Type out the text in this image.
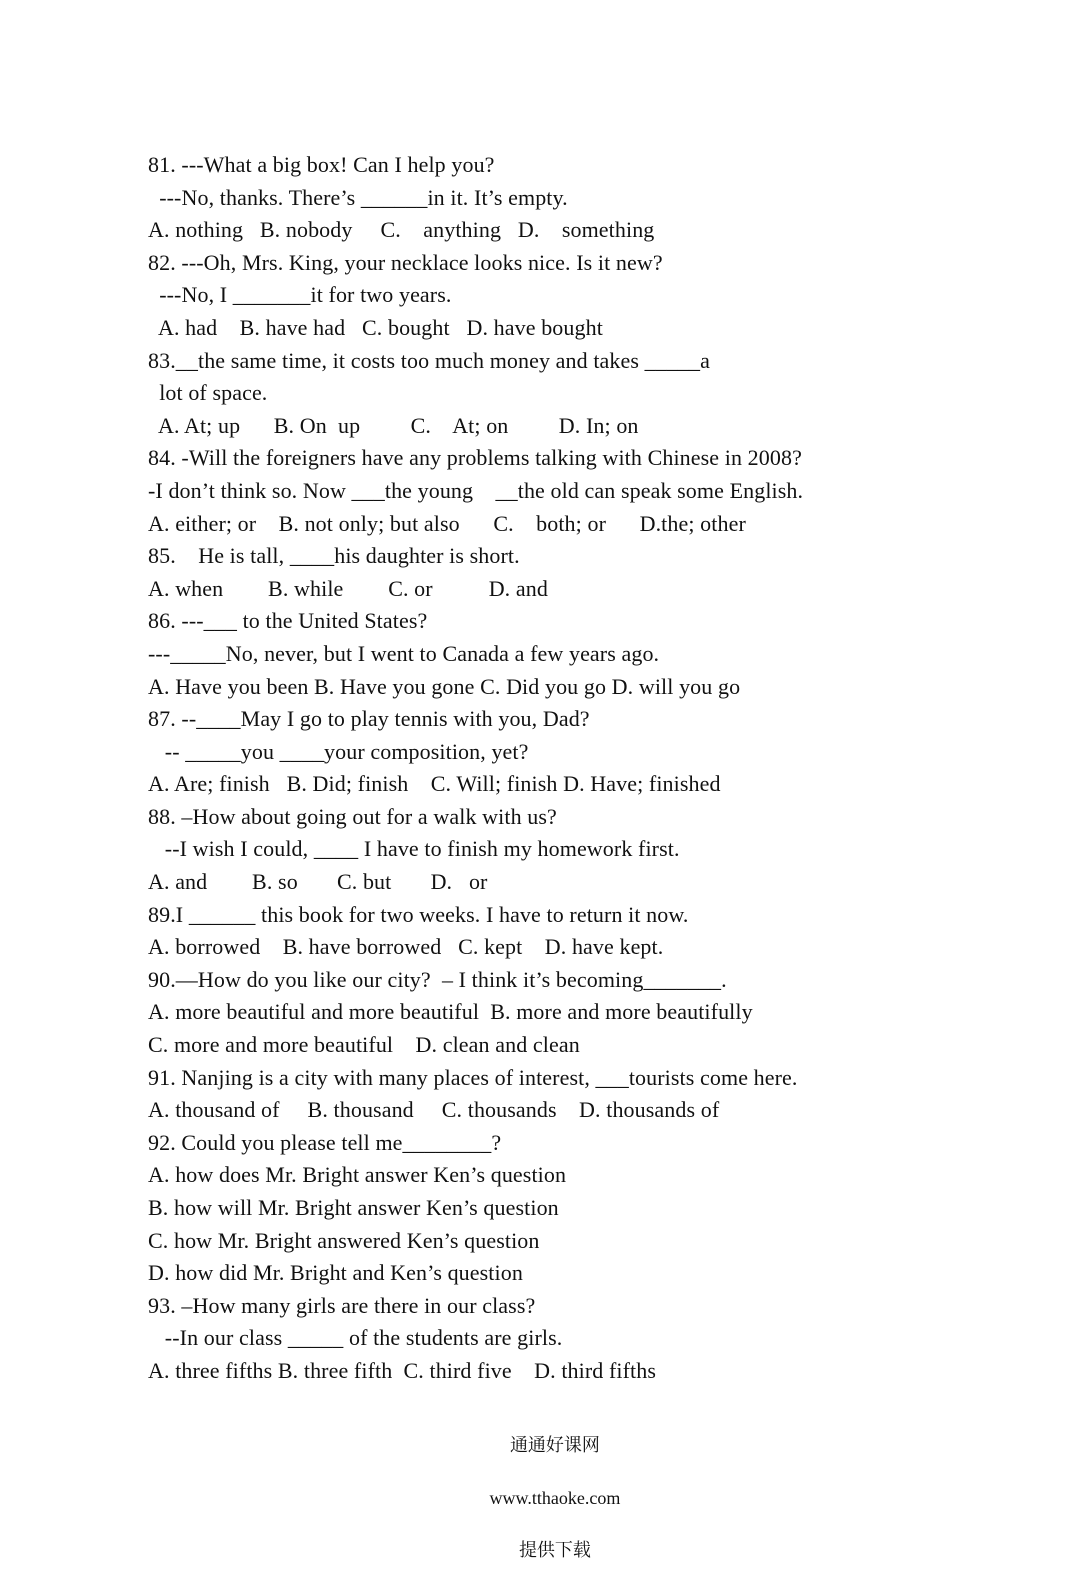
81. ---What a big box! Can I help you?
---No, thanks. There’s ______in it. It’s empty.
A. nothing   B. nobody     C.    anything   D.    something
82. ---Oh, Mrs. King, your necklace looks nice. Is it new?
---No, I _______it for two years.
A. had    B. have had   C. bought   D. have bought
83.__the same time, it costs too much money and takes _____a
lot of space.
A. At; up      B. On  up         C.    At; on         D. In; on
84. -Will the foreigners have any problems talking with Chinese in 2008?
-I don’t think so. Now ___the young    __the old can speak some English.
A. either; or    B. not only; but also      C.    both; or      D.the; other
85.    He is tall, ____his daughter is short.
A. when        B. while        C. or          D. and
86. ---___ to the United States?
---_____No, never, but I went to Canada a few years ago.
A. Have you been B. Have you gone C. Did you go D. will you go
87. --____May I go to play tennis with you, Dad?
-- _____you ____your composition, yet?
A. Are; finish   B. Did; finish    C. Will; finish D. Have; finished
88. –How about going out for a walk with us?
--I wish I could, ____ I have to finish my homework first.
A. and        B. so       C. but       D.   or
89.I ______ this book for two weeks. I have to return it now.
A. borrowed    B. have borrowed   C. kept    D. have kept.
90.—How do you like our city?  – I think it’s becoming_______.
A. more beautiful and more beautiful  B. more and more beautifully
C. more and more beautiful    D. clean and clean
91. Nanjing is a city with many places of interest, ___tourists come here.
A. thousand of     B. thousand     C. thousands    D. thousands of
92. Could you please tell me________?
A. how does Mr. Bright answer Ken’s question
B. how will Mr. Bright answer Ken’s question
C. how Mr. Bright answered Ken’s question
D. how did Mr. Bright and Ken’s question
93. –How many girls are there in our class?
--In our class _____ of the students are girls.
A. three fifths B. three fifth  C. third five    D. third fifths

通通好课网

www.tthaoke.com

提供下载
